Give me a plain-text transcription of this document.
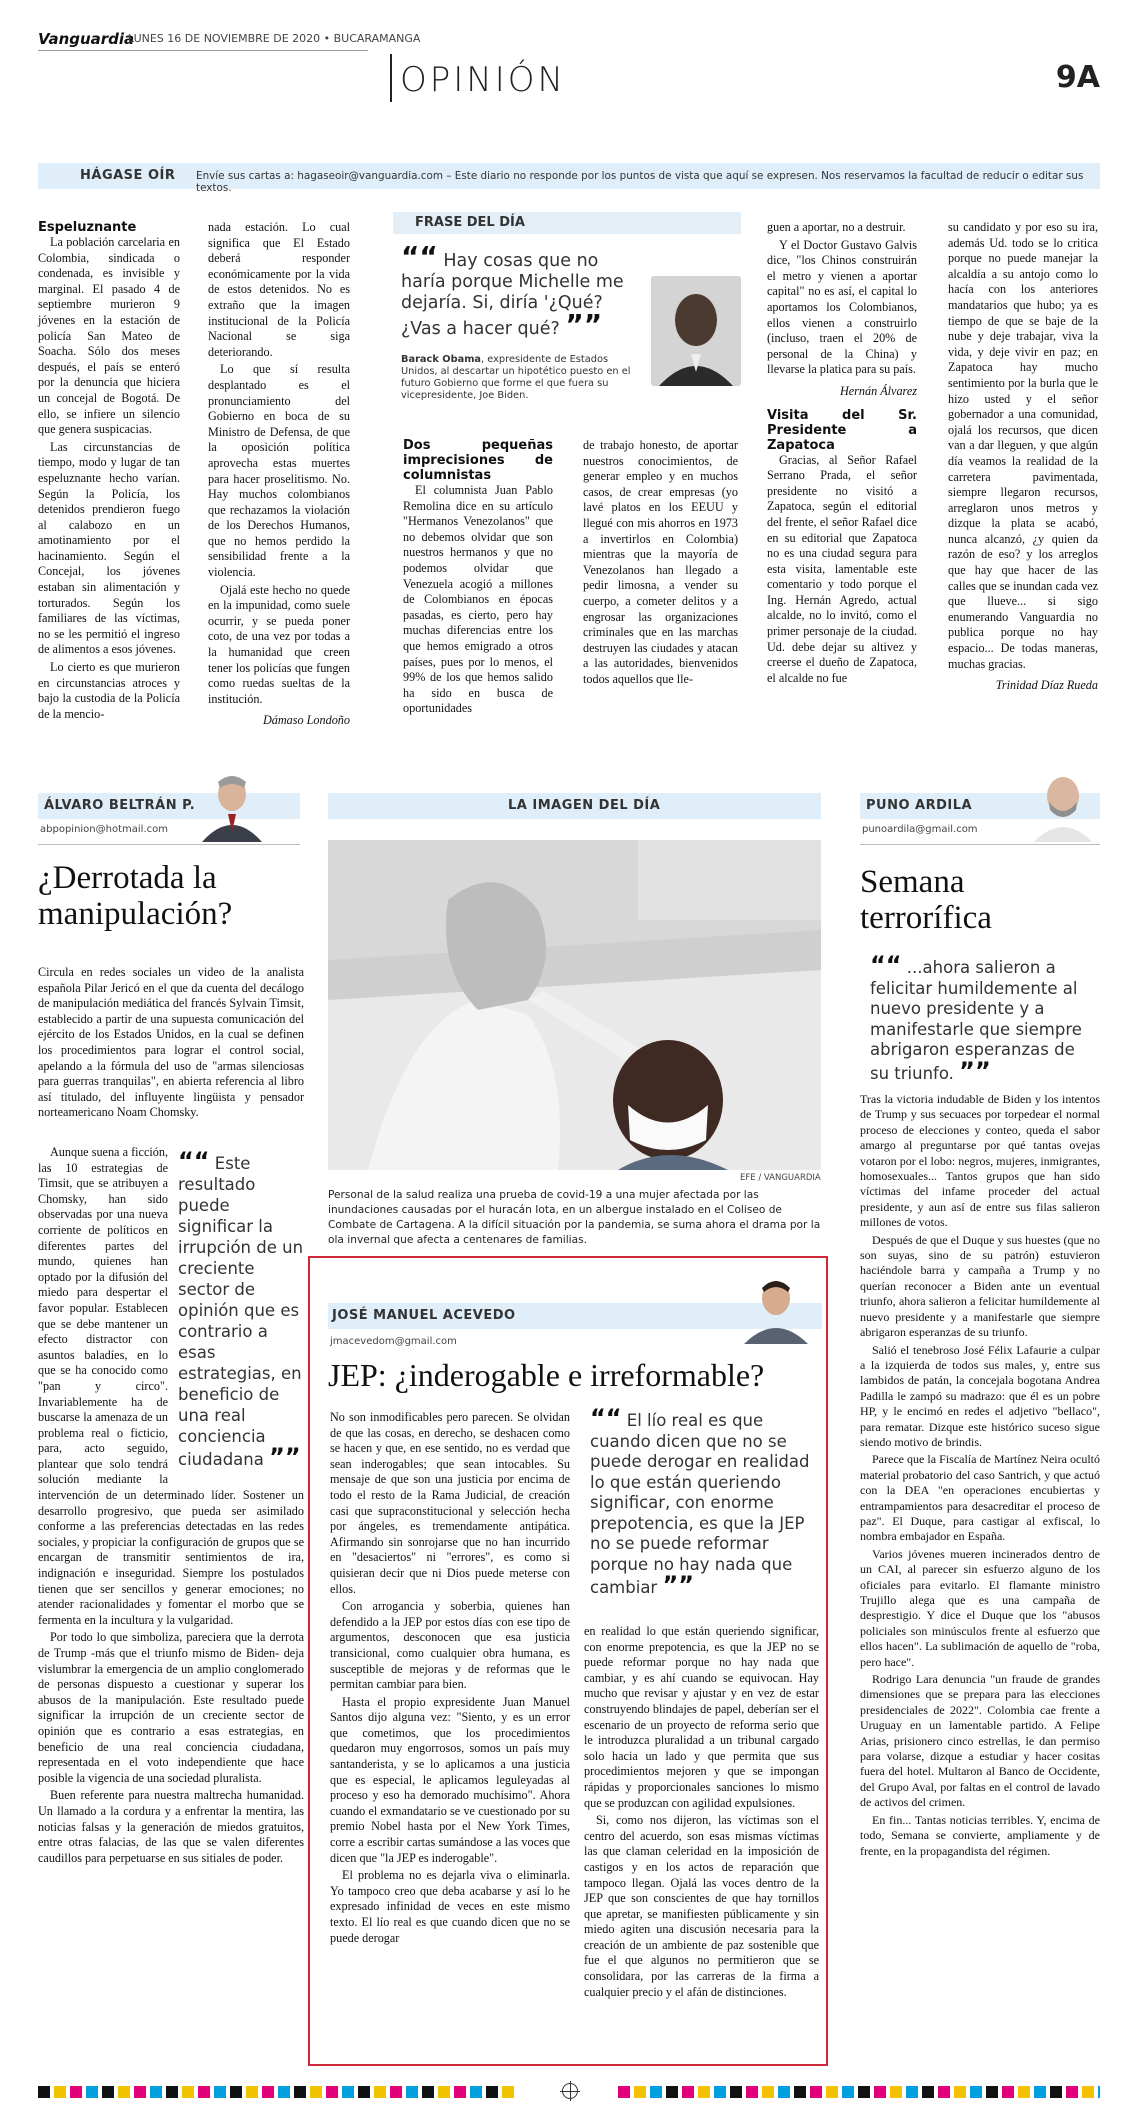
Vanguardia
LUNES 16 DE NOVIEMBRE DE 2020 • BUCARAMANGA
OPINIÓN	9A
HÁGASE OÍR Envíe sus cartas a: hagaseoir@vanguardia.com – Este diario no responde por los puntos de vista que aquí se expresen. Nos reservamos la facultad de reducir o editar sus textos.
Espeluznante

La población carcelaria en Colombia, sindicada o condenada, es invisible y marginal. El pasado 4 de septiembre murieron 9 jóvenes en la estación de policía San Mateo de Soacha. Sólo dos meses después, el país se enteró por la denuncia que hiciera un concejal de Bogotá. De ello, se infiere un silencio que genera suspicacias.

Las circunstancias de tiempo, modo y lugar de tan espeluznante hecho varían. Según la Policía, los detenidos prendieron fuego al calabozo en un amotinamiento por el hacinamiento. Según el Concejal, los jóvenes estaban sin alimentación y torturados. Según los familiares de las víctimas, no se les permitió el ingreso de alimentos a esos jóvenes.

Lo cierto es que murieron en circunstancias atroces y bajo la custodia de la Policía de la mencio-

nada estación. Lo cual significa que El Estado deberá responder económicamente por la vida de estos detenidos. No es extraño que la imagen institucional de la Policía Nacional se siga deteriorando.

Lo que sí resulta desplantado es el pronunciamiento del Gobierno en boca de su Ministro de Defensa, de que la oposición política aprovecha estas muertes para hacer proselitismo. No. Hay muchos colombianos que rechazamos la violación de los Derechos Humanos, que no hemos perdido la sensibilidad frente a la violencia.

Ojalá este hecho no quede en la impunidad, como suele ocurrir, y se pueda poner coto, de una vez por todas a la humanidad que creen tener los policías que fungen como ruedas sueltas de la institución.

Dámaso Londoño

FRASE DEL DÍA
““ Hay cosas que no haría porque Michelle me dejaría. Si, diría '¿Qué? ¿Vas a hacer qué? ””
Barack Obama, expresidente de Estados Unidos, al descartar un hipotético puesto en el futuro Gobierno que forme el que fuera su vicepresidente, Joe Biden.
Dos pequeñas imprecisiones de columnistas

El columnista Juan Pablo Remolina dice en su artículo "Hermanos Venezolanos" que no debemos olvidar que son nuestros hermanos y que no podemos olvidar que Venezuela acogió a millones de Colombianos en épocas pasadas, es cierto, pero hay muchas diferencias entre los que hemos emigrado a otros países, pues por lo menos, el 99% de los que hemos salido ha sido en busca de oportunidades

de trabajo honesto, de aportar nuestros conocimientos, de generar empleo y en muchos casos, de crear empresas (yo lavé platos en los EEUU y llegué con mis ahorros en 1973 a invertirlos en Colombia) mientras que la mayoría de Venezolanos han llegado a pedir limosna, a vender su cuerpo, a cometer delitos y a engrosar las organizaciones criminales que en las marchas destruyen las ciudades y atacan a las autoridades, bienvenidos todos aquellos que lle-

guen a aportar, no a destruir.

Y el Doctor Gustavo Galvis dice, "los Chinos construirán el metro y vienen a aportar capital" no es así, el capital lo aportamos los Colombianos, ellos vienen a construirlo (incluso, traen el 20% de personal de la China) y llevarse la platica para su país.

Hernán Álvarez

Visita del Sr. Presidente a Zapatoca

Gracias, al Señor Rafael Serrano Prada, el señor presidente no visitó a Zapatoca, según el editorial del frente, el señor Rafael dice en su editorial que Zapatoca no es una ciudad segura para esta visita, lamentable este comentario y todo porque el Ing. Hernán Agredo, actual alcalde, no lo invitó, como el primer personaje de la ciudad. Ud. debe dejar su altivez y creerse el dueño de Zapatoca, el alcalde no fue

su candidato y por eso su ira, además Ud. todo se lo critica porque no puede manejar la alcaldía a su antojo como lo hacía con los anteriores mandatarios que hubo; ya es tiempo de que se baje de la nube y deje trabajar, viva la vida, y deje vivir en paz; en Zapatoca hay mucho sentimiento por la burla que le hizo usted y el señor gobernador a una comunidad, ojalá los recursos, que dicen van a dar lleguen, y que algún día veamos la realidad de la carretera pavimentada, siempre llegaron recursos, arreglaron unos metros y dizque la plata se acabó, nunca alcanzó, ¿y quien da razón de eso? y los arreglos que hay que hacer de las calles que se inundan cada vez que llueve... si sigo enumerando Vanguardia no publica porque no hay espacio... De todas maneras, muchas gracias.

Trinidad Díaz Rueda

ÁLVARO BELTRÁN P.
abpopinion@hotmail.com
¿Derrotada la manipulación?

Circula en redes sociales un video de la analista española Pilar Jericó en el que da cuenta del decálogo de manipulación mediática del francés Sylvain Timsit, establecido a partir de una supuesta comunicación del ejército de los Estados Unidos, en la cual se definen los procedimientos para lograr el control social, apelando a la fórmula del uso de "armas silenciosas para guerras tranquilas", en abierta referencia al libro así titulado, del influyente lingüista y pensador norteamericano Noam Chomsky.

““ Este resultado puede significar la irrupción de un creciente sector de opinión que es contrario a esas estrategias, en beneficio de una real conciencia ciudadana ””

Aunque suena a ficción, las 10 estrategias de Timsit, que se atribuyen a Chomsky, han sido observadas por una nueva corriente de políticos en diferentes partes del mundo, quienes han optado por la difusión del miedo para despertar el favor popular. Establecen que se debe mantener un efecto distractor con asuntos baladíes, en lo que se ha conocido como "pan y circo". Invariablemente ha de buscarse la amenaza de un problema real o ficticio, para, acto seguido, plantear que solo tendrá solución mediante la intervención de un determinado líder. Sostener un desarrollo progresivo, que pueda ser asimilado conforme a las preferencias detectadas en las redes sociales, y propiciar la configuración de grupos que se encargan de transmitir sentimientos de ira, indignación e inseguridad. Siempre los postulados tienen que ser sencillos y generar emociones; no atender racionalidades y fomentar el morbo que se fermenta en la incultura y la vulgaridad.

Por todo lo que simboliza, pareciera que la derrota de Trump -más que el triunfo mismo de Biden- deja vislumbrar la emergencia de un amplio conglomerado de personas dispuesto a cuestionar y superar los abusos de la manipulación. Este resultado puede significar la irrupción de un creciente sector de opinión que es contrario a esas estrategias, en beneficio de una real conciencia ciudadana, representada en el voto independiente que hace posible la vigencia de una sociedad pluralista.

Buen referente para nuestra maltrecha humanidad. Un llamado a la cordura y a enfrentar la mentira, las noticias falsas y la generación de miedos gratuitos, entre otras falacias, de las que se valen diferentes caudillos para perpetuarse en sus sitiales de poder.

LA IMAGEN DEL DÍA
EFE / VANGUARDIA
Personal de la salud realiza una prueba de covid-19 a una mujer afectada por las inundaciones causadas por el huracán Iota, en un albergue instalado en el Coliseo de Combate de Cartagena. A la difícil situación por la pandemia, se suma ahora el drama por la ola invernal que afecta a centenares de familias.
JOSÉ MANUEL ACEVEDO
jmacevedom@gmail.com
JEP: ¿inderogable e irreformable?

No son inmodificables pero parecen. Se olvidan de que las cosas, en derecho, se deshacen como se hacen y que, en ese sentido, no es verdad que sean inderogables; que sean intocables. Su mensaje de que son una justicia por encima de todo el resto de la Rama Judicial, de creación casi que supraconstitucional y selección hecha por ángeles, es tremendamente antipática. Afirmando sin sonrojarse que no han incurrido en "desaciertos" ni "errores", es como si quisieran decir que ni Dios puede meterse con ellos.

Con arrogancia y soberbia, quienes han defendido a la JEP por estos días con ese tipo de argumentos, desconocen que esa justicia transicional, como cualquier obra humana, es susceptible de mejoras y de reformas que le permitan cambiar para bien.

Hasta el propio expresidente Juan Manuel Santos dijo alguna vez: "Siento, y es un error que cometimos, que los procedimientos quedaron muy engorrosos, somos un país muy santanderista, y se lo aplicamos a una justicia que es especial, le aplicamos leguleyadas al proceso y eso ha demorado muchísimo". Ahora cuando el exmandatario se ve cuestionado por su premio Nobel hasta por el New York Times, corre a escribir cartas sumándose a las voces que dicen que "la JEP es inderogable".

El problema no es dejarla viva o eliminarla. Yo tampoco creo que deba acabarse y así lo he expresado infinidad de veces en este mismo texto. El lío real es que cuando dicen que no se puede derogar

““ El lío real es que cuando dicen que no se puede derogar en realidad lo que están queriendo significar, con enorme prepotencia, es que la JEP no se puede reformar porque no hay nada que cambiar ””

en realidad lo que están queriendo significar, con enorme prepotencia, es que la JEP no se puede reformar porque no hay nada que cambiar, y es ahí cuando se equivocan. Hay mucho que revisar y ajustar y en vez de estar construyendo blindajes de papel, deberían ser el escenario de un proyecto de reforma serio que le introduzca pluralidad a un tribunal cargado solo hacia un lado y que permita que sus procedimientos mejoren y que se impongan rápidas y proporcionales sanciones lo mismo que se produzcan con agilidad expulsiones.

Si, como nos dijeron, las víctimas son el centro del acuerdo, son esas mismas víctimas las que claman celeridad en la imposición de castigos y en los actos de reparación que tampoco llegan. Ojalá las voces dentro de la JEP que son conscientes de que hay tornillos que apretar, se manifiesten públicamente y sin miedo agiten una discusión necesaria para la creación de un ambiente de paz sostenible que fue el que algunos no permitieron que se consolidara, por las carreras de la firma a cualquier precio y el afán de distinciones.

PUNO ARDILA
punoardila@gmail.com
Semana terrorífica
““ ...ahora salieron a felicitar humildemente al nuevo presidente y a manifestarle que siempre abrigaron esperanzas de su triunfo. ””

Tras la victoria indudable de Biden y los intentos de Trump y sus secuaces por torpedear el normal proceso de elecciones y conteo, queda el sabor amargo al preguntarse por qué tantas ovejas votaron por el lobo: negros, mujeres, inmigrantes, homosexuales... Tantos grupos que han sido víctimas del infame proceder del actual presidente, y aun así de entre sus filas salieron millones de votos.

Después de que el Duque y sus huestes (que no son suyas, sino de su patrón) estuvieron haciéndole barra y campaña a Trump y no querían reconocer a Biden ante un eventual triunfo, ahora salieron a felicitar humildemente al nuevo presidente y a manifestarle que siempre abrigaron esperanzas de su triunfo.

Salió el tenebroso José Félix Lafaurie a culpar a la izquierda de todos sus males, y, entre sus lambidos de patán, la concejala bogotana Andrea Padilla le zampó su madrazo: que él es un pobre HP, y le encimó en redes el adjetivo "bellaco", para rematar. Dizque este histórico suceso sigue siendo motivo de brindis.

Parece que la Fiscalía de Martínez Neira ocultó material probatorio del caso Santrich, y que actuó con la DEA "en operaciones encubiertas y entrampamientos para desacreditar el proceso de paz". El Duque, para castigar al exfiscal, lo nombra embajador en España.

Varios jóvenes mueren incinerados dentro de un CAI, al parecer sin esfuerzo alguno de los oficiales para evitarlo. El flamante ministro Trujillo alega que es una campaña de desprestigio. Y dice el Duque que los "abusos policiales son minúsculos frente al esfuerzo que ellos hacen". La sublimación de aquello de "roba, pero hace".

Rodrigo Lara denuncia "un fraude de grandes dimensiones que se prepara para las elecciones presidenciales de 2022". Colombia cae frente a Uruguay en un lamentable partido. A Felipe Arias, prisionero cinco estrellas, le dan permiso para volarse, dizque a estudiar y hacer cositas fuera del hotel. Multaron al Banco de Occidente, del Grupo Aval, por faltas en el control de lavado de activos del crimen.

En fin... Tantas noticias terribles. Y, encima de todo, Semana se convierte, ampliamente y de frente, en la propagandista del régimen.
